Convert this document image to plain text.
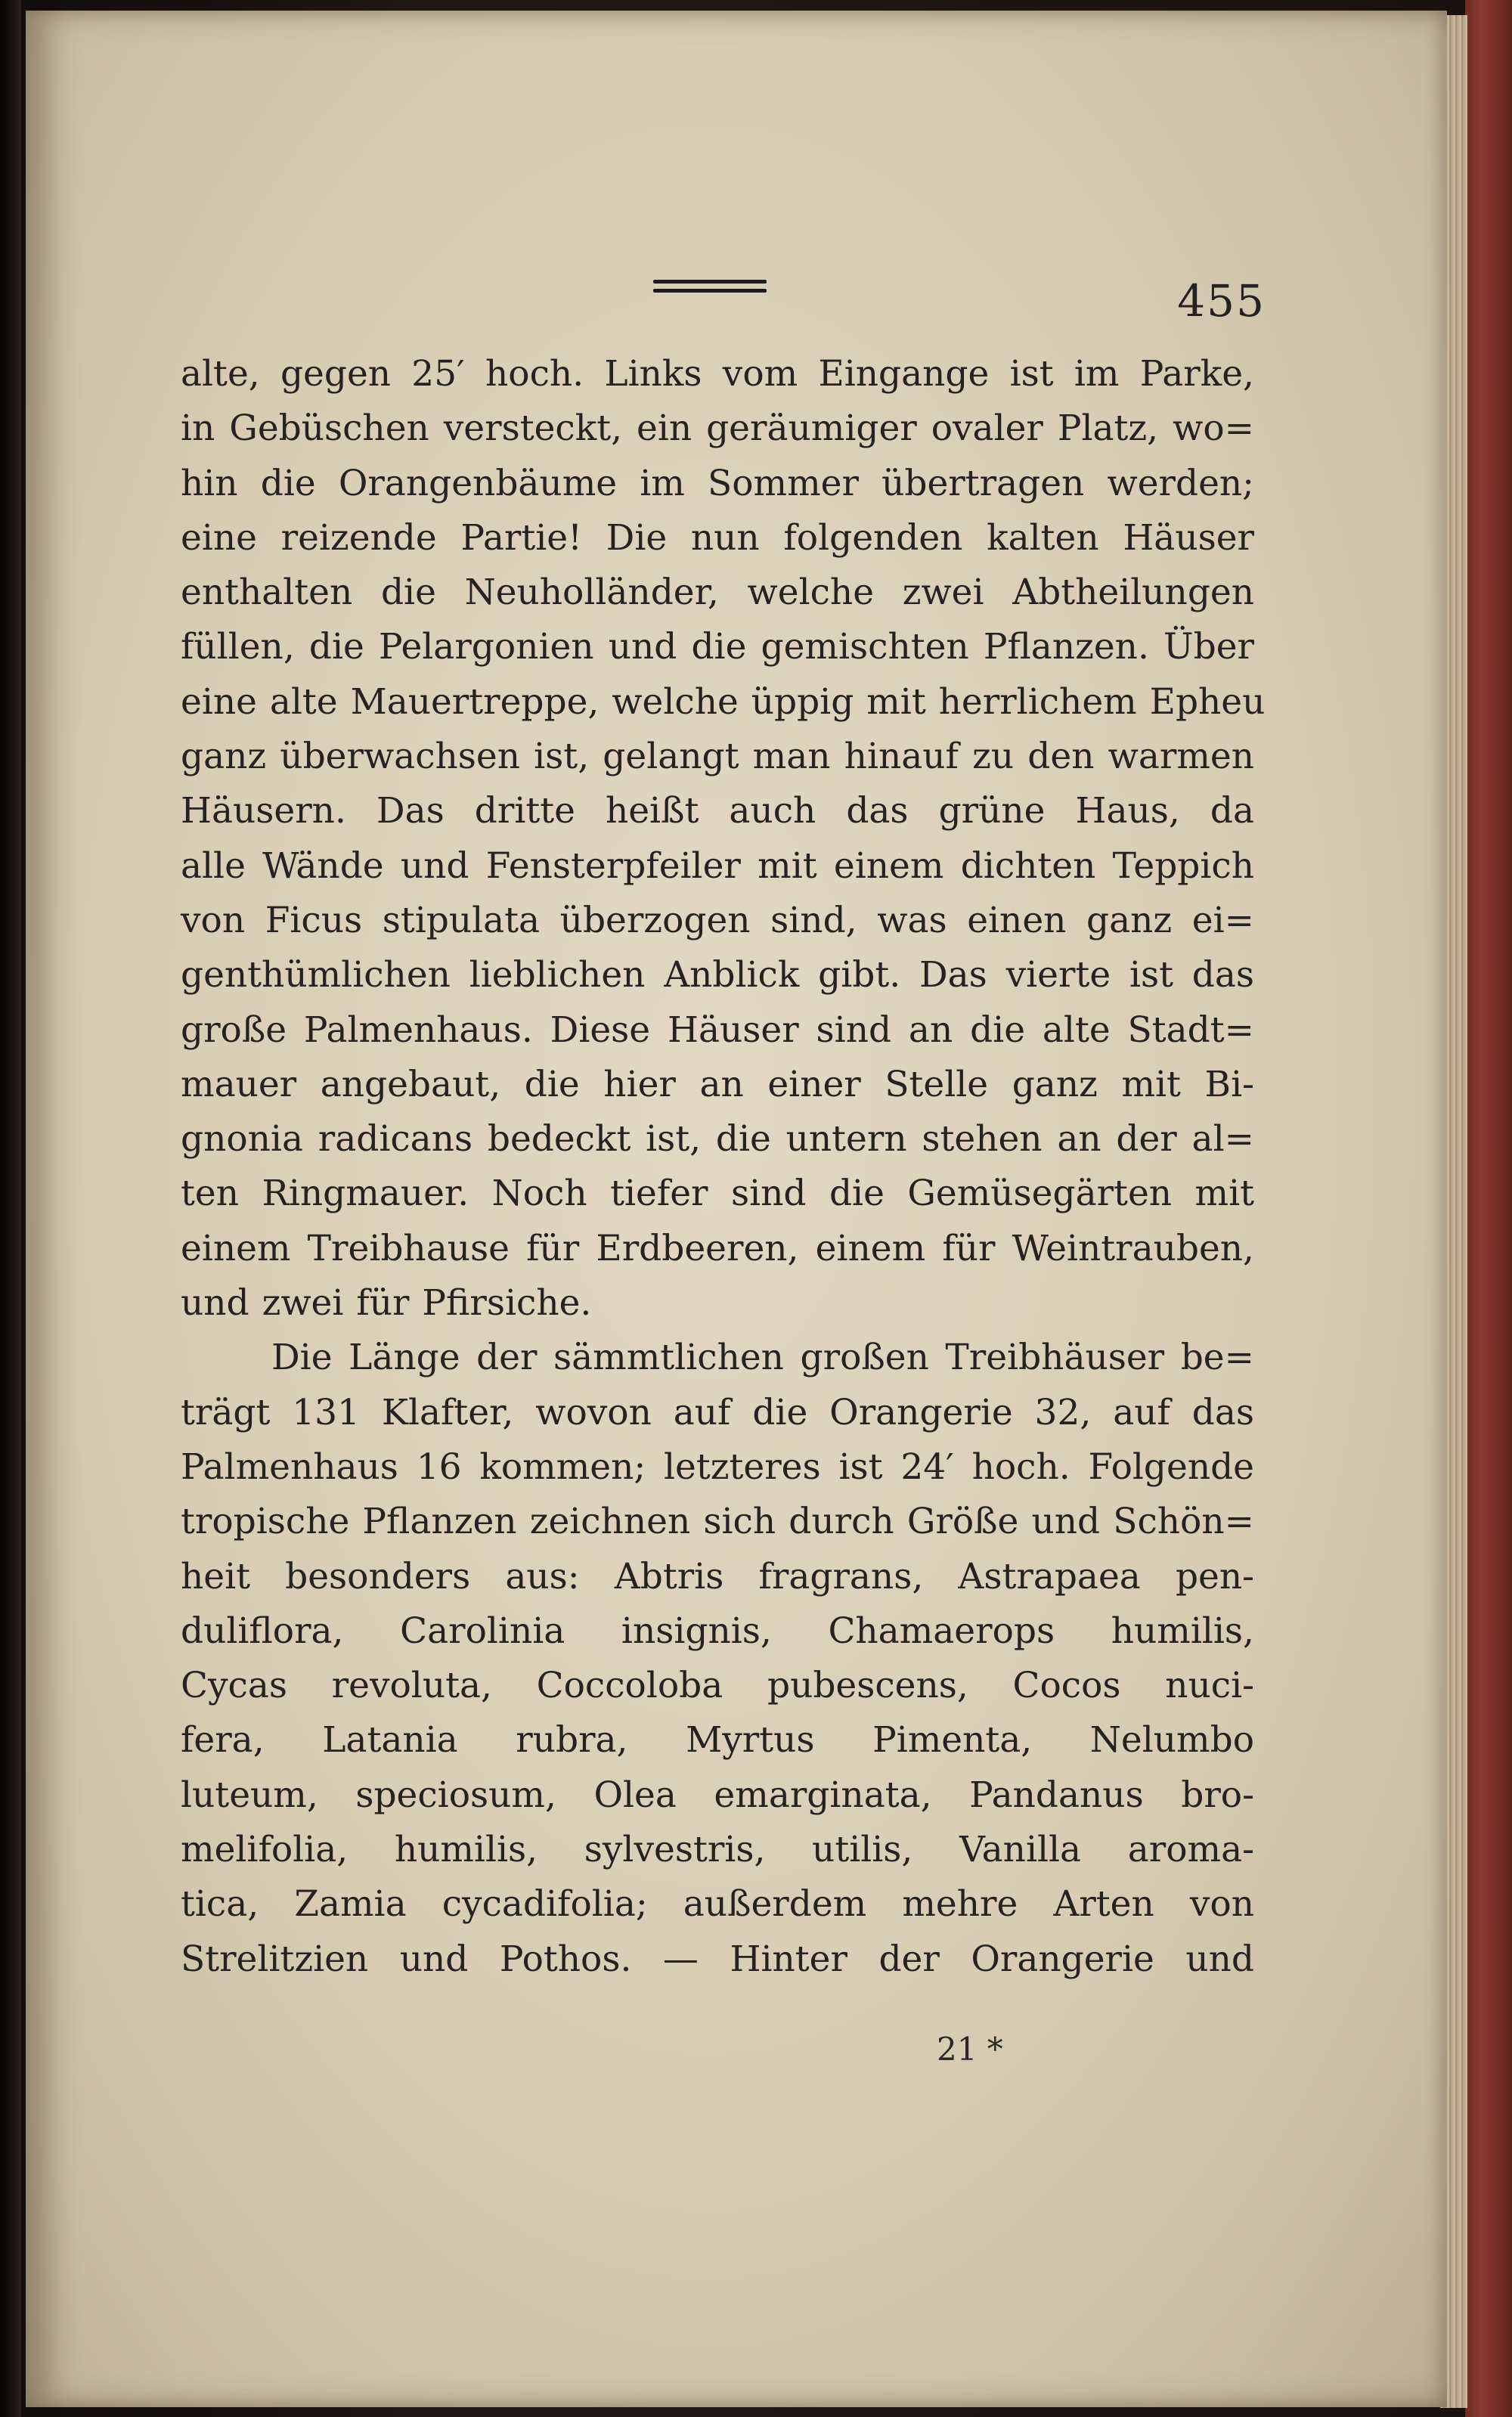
455
alte, gegen 25′ hoch. Links vom Eingange ist im Parke,
in Gebüschen versteckt, ein geräumiger ovaler Platz, wo=
hin die Orangenbäume im Sommer übertragen werden;
eine reizende Partie! Die nun folgenden kalten Häuser
enthalten die Neuholländer, welche zwei Abtheilungen
füllen, die Pelargonien und die gemischten Pflanzen. Über
eine alte Mauertreppe, welche üppig mit herrlichem Epheu
ganz überwachsen ist, gelangt man hinauf zu den warmen
Häusern. Das dritte heißt auch das grüne Haus, da
alle Wände und Fensterpfeiler mit einem dichten Teppich
von Ficus stipulata überzogen sind, was einen ganz ei=
genthümlichen lieblichen Anblick gibt. Das vierte ist das
große Palmenhaus. Diese Häuser sind an die alte Stadt=
mauer angebaut, die hier an einer Stelle ganz mit Bi-
gnonia radicans bedeckt ist, die untern stehen an der al=
ten Ringmauer. Noch tiefer sind die Gemüsegärten mit
einem Treibhause für Erdbeeren, einem für Weintrauben,
und zwei für Pfirsiche.
Die Länge der sämmtlichen großen Treibhäuser be=
trägt 131 Klafter, wovon auf die Orangerie 32, auf das
Palmenhaus 16 kommen; letzteres ist 24′ hoch. Folgende
tropische Pflanzen zeichnen sich durch Größe und Schön=
heit besonders aus: Abtris fragrans, Astrapaea pen-
duliflora, Carolinia insignis, Chamaerops humilis,
Cycas revoluta, Coccoloba pubescens, Cocos nuci-
fera, Latania rubra, Myrtus Pimenta, Nelumbo
luteum, speciosum, Olea emarginata, Pandanus bro-
melifolia, humilis, sylvestris, utilis, Vanilla aroma-
tica, Zamia cycadifolia; außerdem mehre Arten von
Strelitzien und Pothos. — Hinter der Orangerie und
21 *
